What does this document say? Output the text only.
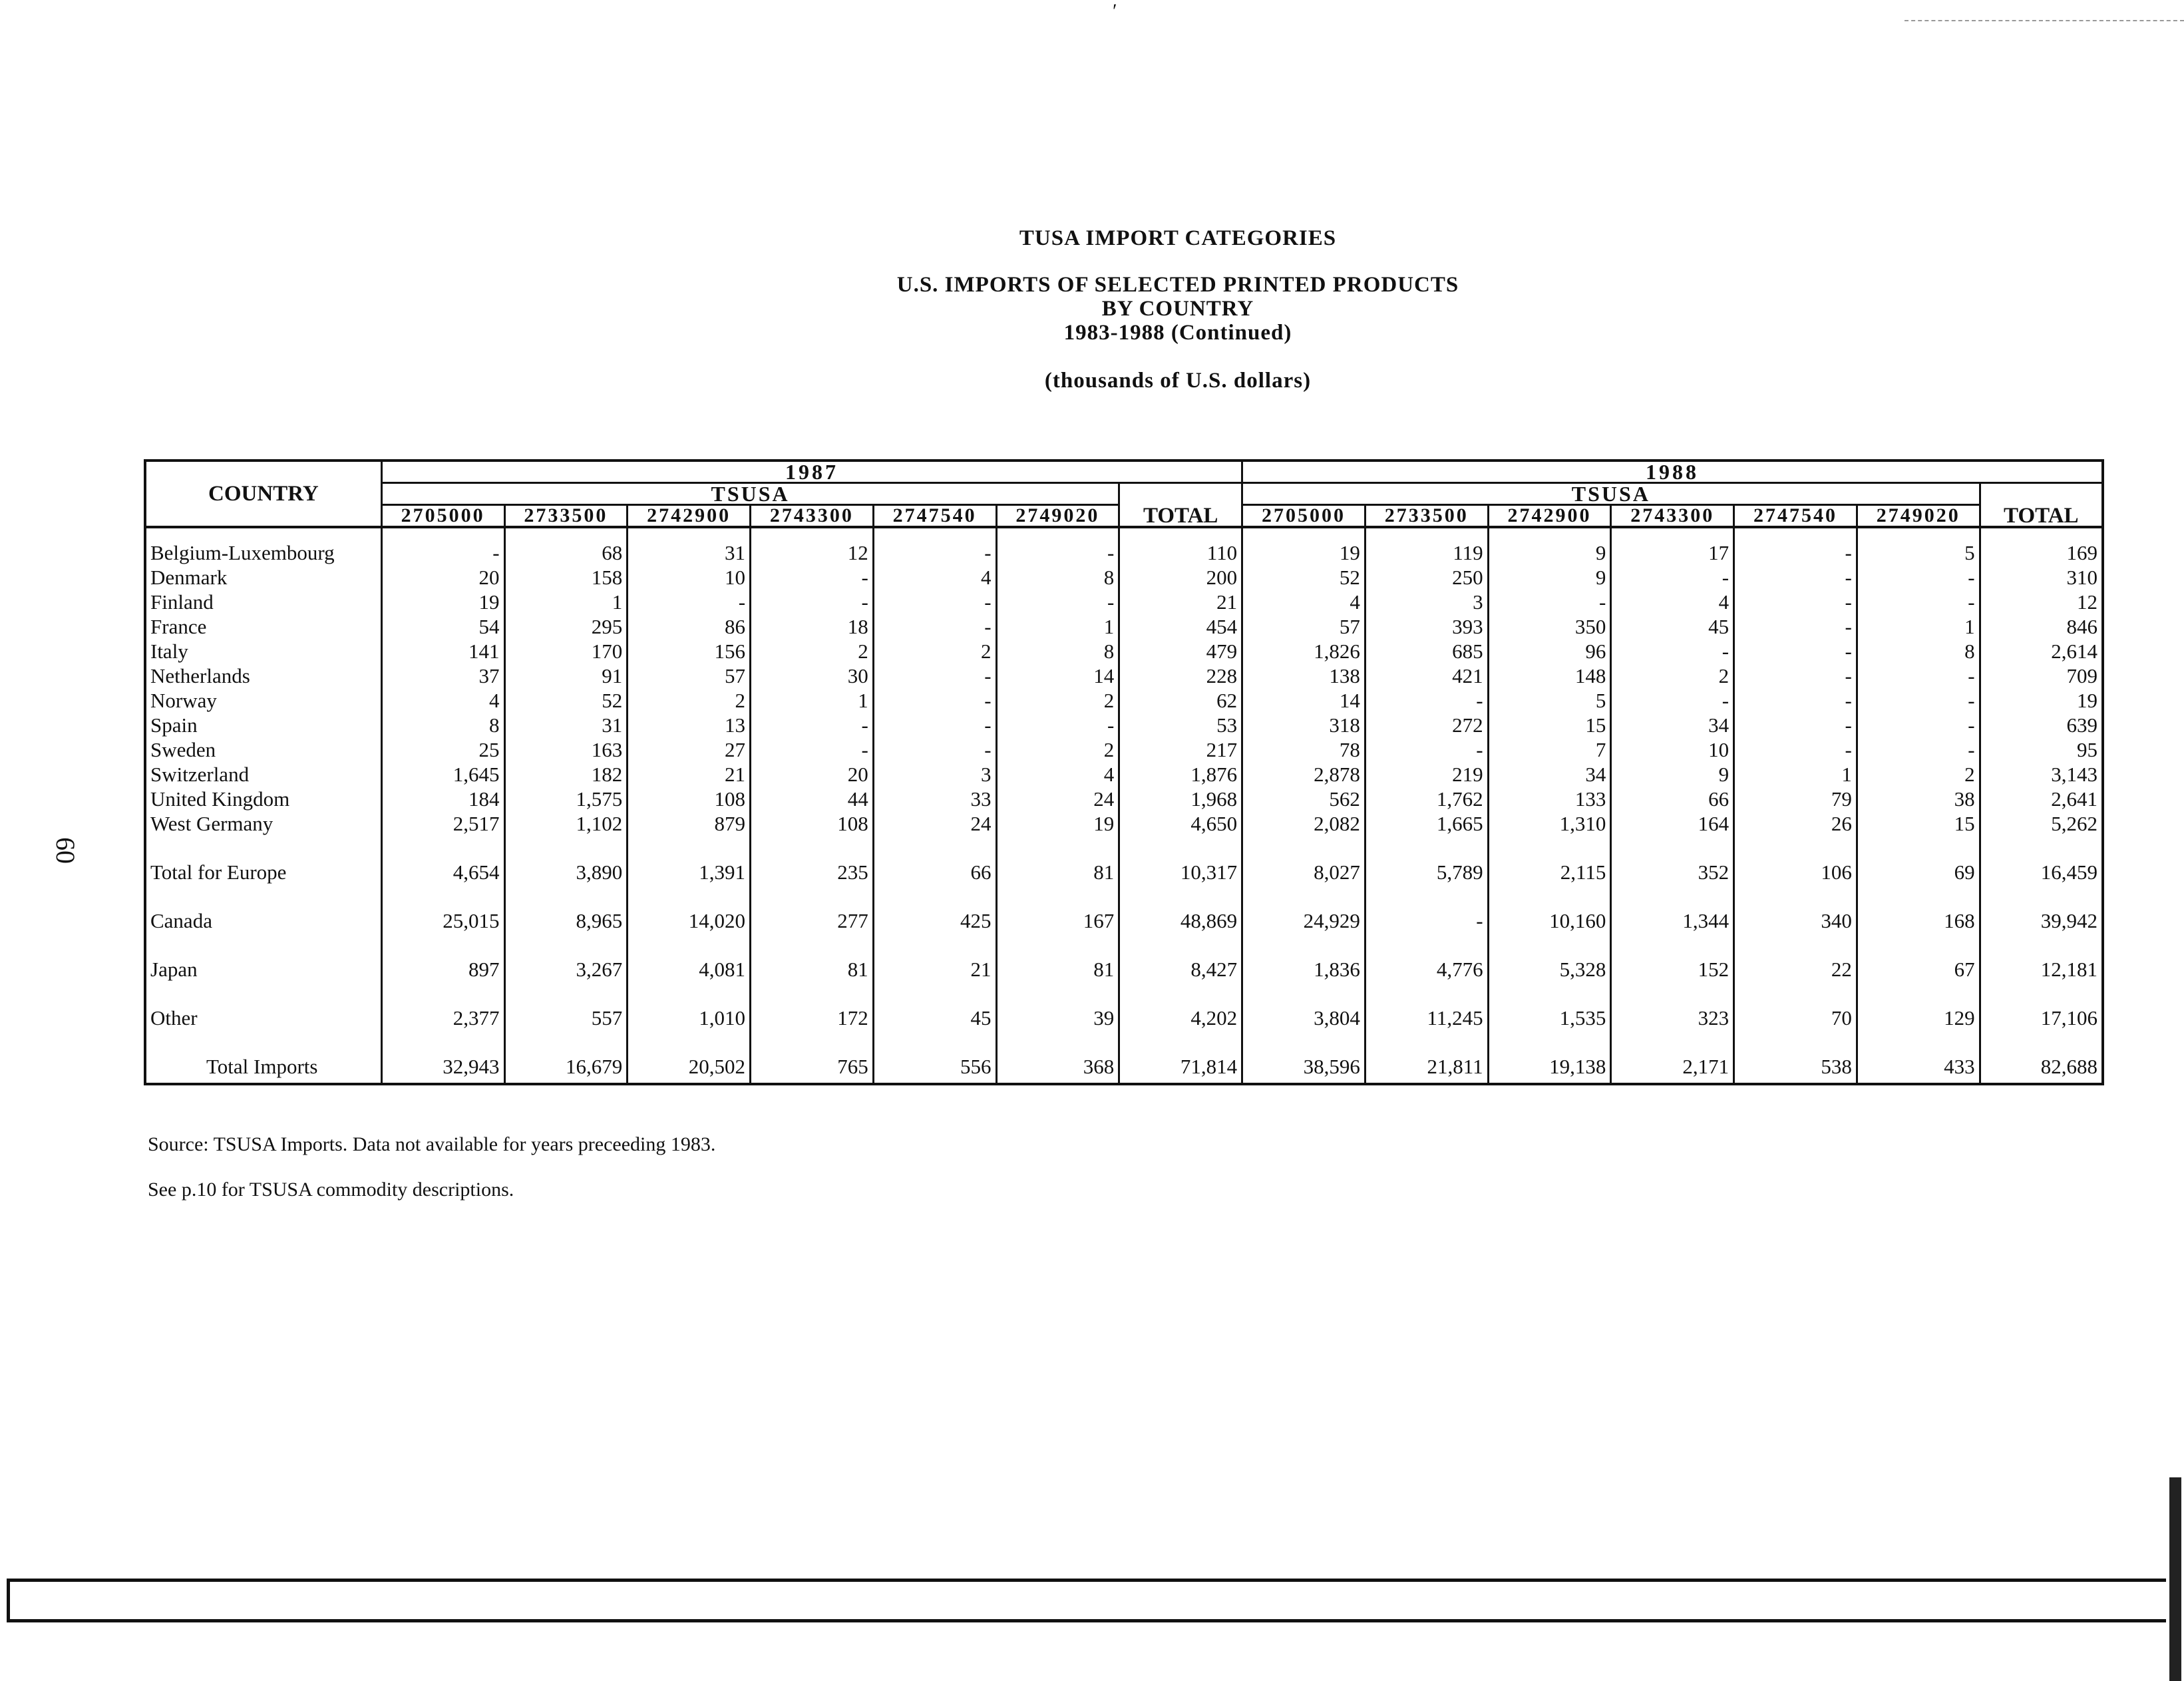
′
60
TUSA IMPORT CATEGORIES
U.S. IMPORTS OF SELECTED PRINTED PRODUCTS
BY COUNTRY
1983-1988 (Continued)
(thousands of U.S. dollars)
COUNTRY	1987							1988						
	TSUSA						TOTAL	TSUSA						TOTAL
	2705000	2733500	2742900	2743300	2747540	2749020		2705000	2733500	2742900	2743300	2747540	2749020	
Belgium-Luxembourg	-	68	31	12	-	-	110	19	119	9	17	-	5	169
Denmark	20	158	10	-	4	8	200	52	250	9	-	-	-	310
Finland	19	1	-	-	-	-	21	4	3	-	4	-	-	12
France	54	295	86	18	-	1	454	57	393	350	45	-	1	846
Italy	141	170	156	2	2	8	479	1,826	685	96	-	-	8	2,614
Netherlands	37	91	57	30	-	14	228	138	421	148	2	-	-	709
Norway	4	52	2	1	-	2	62	14	-	5	-	-	-	19
Spain	8	31	13	-	-	-	53	318	272	15	34	-	-	639
Sweden	25	163	27	-	-	2	217	78	-	7	10	-	-	95
Switzerland	1,645	182	21	20	3	4	1,876	2,878	219	34	9	1	2	3,143
United Kingdom	184	1,575	108	44	33	24	1,968	562	1,762	133	66	79	38	2,641
West Germany	2,517	1,102	879	108	24	19	4,650	2,082	1,665	1,310	164	26	15	5,262
Total for Europe	4,654	3,890	1,391	235	66	81	10,317	8,027	5,789	2,115	352	106	69	16,459
Canada	25,015	8,965	14,020	277	425	167	48,869	24,929	-	10,160	1,344	340	168	39,942
Japan	897	3,267	4,081	81	21	81	8,427	1,836	4,776	5,328	152	22	67	12,181
Other	2,377	557	1,010	172	45	39	4,202	3,804	11,245	1,535	323	70	129	17,106
Total Imports	32,943	16,679	20,502	765	556	368	71,814	38,596	21,811	19,138	2,171	538	433	82,688
Source: TSUSA Imports. Data not available for years preceeding 1983.
See p.10 for TSUSA commodity descriptions.
